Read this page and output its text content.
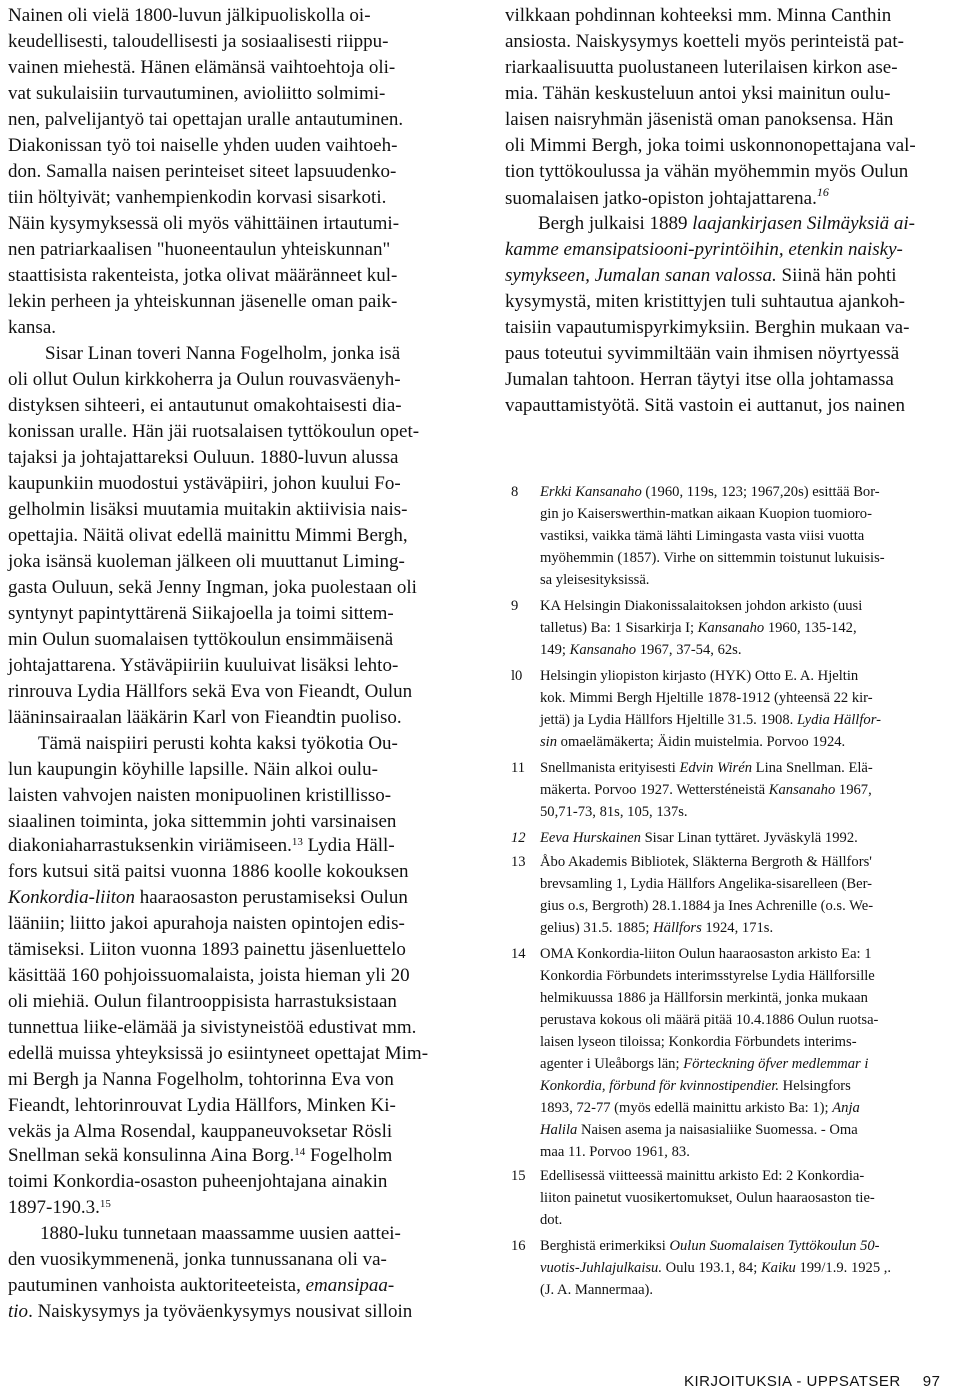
Nainen oli vielä 1800-luvun jälkipuoliskolla oi-
keudellisesti, taloudellisesti ja sosiaalisesti riippu-
vainen miehestä. Hänen elämänsä vaihtoehtoja oli-
vat sukulaisiin turvautuminen, avioliitto solmimi-
nen, palvelijantyö tai opettajan uralle antautuminen.
Diakonissan työ toi naiselle yhden uuden vaihtoeh-
don. Samalla naisen perinteiset siteet lapsuudenko-
tiin höltyivät; vanhempienkodin korvasi sisarkoti.
Näin kysymyksessä oli myös vähittäinen irtautumi-
nen patriarkaalisen "huoneentaulun yhteiskunnan"
staattisista rakenteista, jotka olivat määränneet kul-
lekin perheen ja yhteiskunnan jäsenelle oman paik-
kansa.
Sisar Linan toveri Nanna Fogelholm, jonka isä
oli ollut Oulun kirkkoherra ja Oulun rouvasväenyh-
distyksen sihteeri, ei antautunut omakohtaisesti dia-
konissan uralle. Hän jäi ruotsalaisen tyttökoulun opet-
tajaksi ja johtajattareksi Ouluun. 1880-luvun alussa
kaupunkiin muodostui ystäväpiiri, johon kuului Fo-
gelholmin lisäksi muutamia muitakin aktiivisia nais-
opettajia. Näitä olivat edellä mainittu Mimmi Bergh,
joka isänsä kuoleman jälkeen oli muuttanut Liming-
gasta Ouluun, sekä Jenny Ingman, joka puolestaan oli
syntynyt papintyttärenä Siikajoella ja toimi sittem-
min Oulun suomalaisen tyttökoulun ensimmäisenä
johtajattarena. Ystäväpiiriin kuuluivat lisäksi lehto-
rinrouva Lydia Hällfors sekä Eva von Fieandt, Oulun
lääninsairaalan lääkärin Karl von Fieandtin puoliso.
Tämä naispiiri perusti kohta kaksi työkotia Ou-
lun kaupungin köyhille lapsille. Näin alkoi oulu-
laisten vahvojen naisten monipuolinen kristillisso-
siaalinen toiminta, joka sittemmin johti varsinaisen
diakoniaharrastuksenkin viriämiseen.$^{13}$ Lydia Häll-
fors kutsui sitä paitsi vuonna 1886 koolle kokouksen
Konkordia-liiton haaraosaston perustamiseksi Oulun
lääniin; liitto jakoi apurahoja naisten opintojen edis-
tämiseksi. Liiton vuonna 1893 painettu jäsenluettelo
käsittää 160 pohjoissuomalaista, joista hieman yli 20
oli miehiä. Oulun filantrooppisista harrastuksistaan
tunnettua liike-elämää ja sivistyneistöä edustivat mm.
edellä muissa yhteyksissä jo esiintyneet opettajat Mim-
mi Bergh ja Nanna Fogelholm, tohtorinna Eva von
Fieandt, lehtorinrouvat Lydia Hällfors, Minken Ki-
vekäs ja Alma Rosendal, kauppaneuvoksetar Rösli
Snellman sekä konsulinna Aina Borg.$^{14}$ Fogelholm
toimi Konkordia-osaston puheenjohtajana ainakin
1897-190.3.15
1880-luku tunnetaan maassamme uusien aattei-
den vuosikymmenenä, jonka tunnussanana oli va-
pautuminen vanhoista auktoriteeteista, emansipaa-
tio. Naiskysymys ja työväenkysymys nousivat silloin
vilkkaan pohdinnan kohteeksi mm. Minna Canthin
ansiosta. Naiskysymys koetteli myös perinteistä pat-
riarkaalisuutta puolustaneen luterilaisen kirkon ase-
mia. Tähän keskusteluun antoi yksi mainitun oulu-
laisen naisryhmän jäsenistä oman panoksensa. Hän
oli Mimmi Bergh, joka toimi uskonnonopettajana val-
tion tyttökoulussa ja vähän myöhemmin myös Oulun
suomalaisen jatko-opiston johtajattarena.$^{16}$
Bergh julkaisi 1889 laajankirjasen Silmäyksiä ai-
kamme emansipatsiooni-pyrintöihin, etenkin naisky-
symykseen, Jumalan sanan valossa. Siinä hän pohti
kysymystä, miten kristittyjen tuli suhtautua ajankoh-
taisiin vapautumispyrkimyksiin. Berghin mukaan va-
paus toteutui syvimmiltään vain ihmisen nöyrtyessä
Jumalan tahtoon. Herran täytyi itse olla johtamassa
vapauttamistyötä. Sitä vastoin ei auttanut, jos nainen
8 Erkki Kansanaho (1960, 119s, 123; 1967,20s) esittää Bor-
gin jo Kaiserswerthin-matkan aikaan Kuopion tuomioro-
vastiksi, vaikka tämä lähti Limingasta vasta viisi vuotta
myöhemmin (1857). Virhe on sittemmin toistunut lukuisis-
sa yleisesityksissä.
9 KA Helsingin Diakonissalaitoksen johdon arkisto (uusi
talletus) Ba: 1 Sisarkirja I; Kansanaho 1960, 135-142,
149; Kansanaho 1967, 37-54, 62s.
l0 Helsingin yliopiston kirjasto (HYK) Otto E. A. Hjeltin
kok. Mimmi Bergh Hjeltille 1878-1912 (yhteensä 22 kir-
jettä) ja Lydia Hällfors Hjeltille 31.5. 1908. Lydia Hällfor-
sin omaelämäkerta; Äidin muistelmia. Porvoo 1924.
11 Snellmanista erityisesti Edvin Wirén Lina Snellman. Elä-
mäkerta. Porvoo 1927. Wettersténeistä Kansanaho 1967,
50,71-73, 81s, 105, 137s.
12 Eeva Hurskainen Sisar Linan tyttäret. Jyväskylä 1992.
13 Åbo Akademis Bibliotek, Släkterna Bergroth & Hällfors'
brevsamling 1, Lydia Hällfors Angelika-sisarelleen (Ber-
gius o.s, Bergroth) 28.1.1884 ja Ines Achrenille (o.s. We-
gelius) 31.5. 1885; Hällfors 1924, 171s.
14 OMA Konkordia-liiton Oulun haaraosaston arkisto Ea: 1
Konkordia Förbundets interimsstyrelse Lydia Hällforsille
helmikuussa 1886 ja Hällforsin merkintä, jonka mukaan
perustava kokous oli määrä pitää 10.4.1886 Oulun ruotsa-
laisen lyseon tiloissa; Konkordia Förbundets interims-
agenter i Uleåborgs län; Förteckning öfver medlemmar i
Konkordia, förbund för kvinnostipendier. Helsingfors
1893, 72-77 (myös edellä mainittu arkisto Ba: 1); Anja
Halila Naisen asema ja naisasialiike Suomessa. - Oma
maa 11. Porvoo 1961, 83.
15 Edellisessä viitteessä mainittu arkisto Ed: 2 Konkordia-
liiton painetut vuosikertomukset, Oulun haaraosaston tie-
dot.
16 Berghistä erimerkiksi Oulun Suomalaisen Tyttökoulun 50-
vuotis-Juhlajulkaisu. Oulu 193.1, 84; Kaiku 199/1.9. 1925 ,.
(J. A. Mannermaa).
KIRJOITUKSIA - UPPSATSER 97
